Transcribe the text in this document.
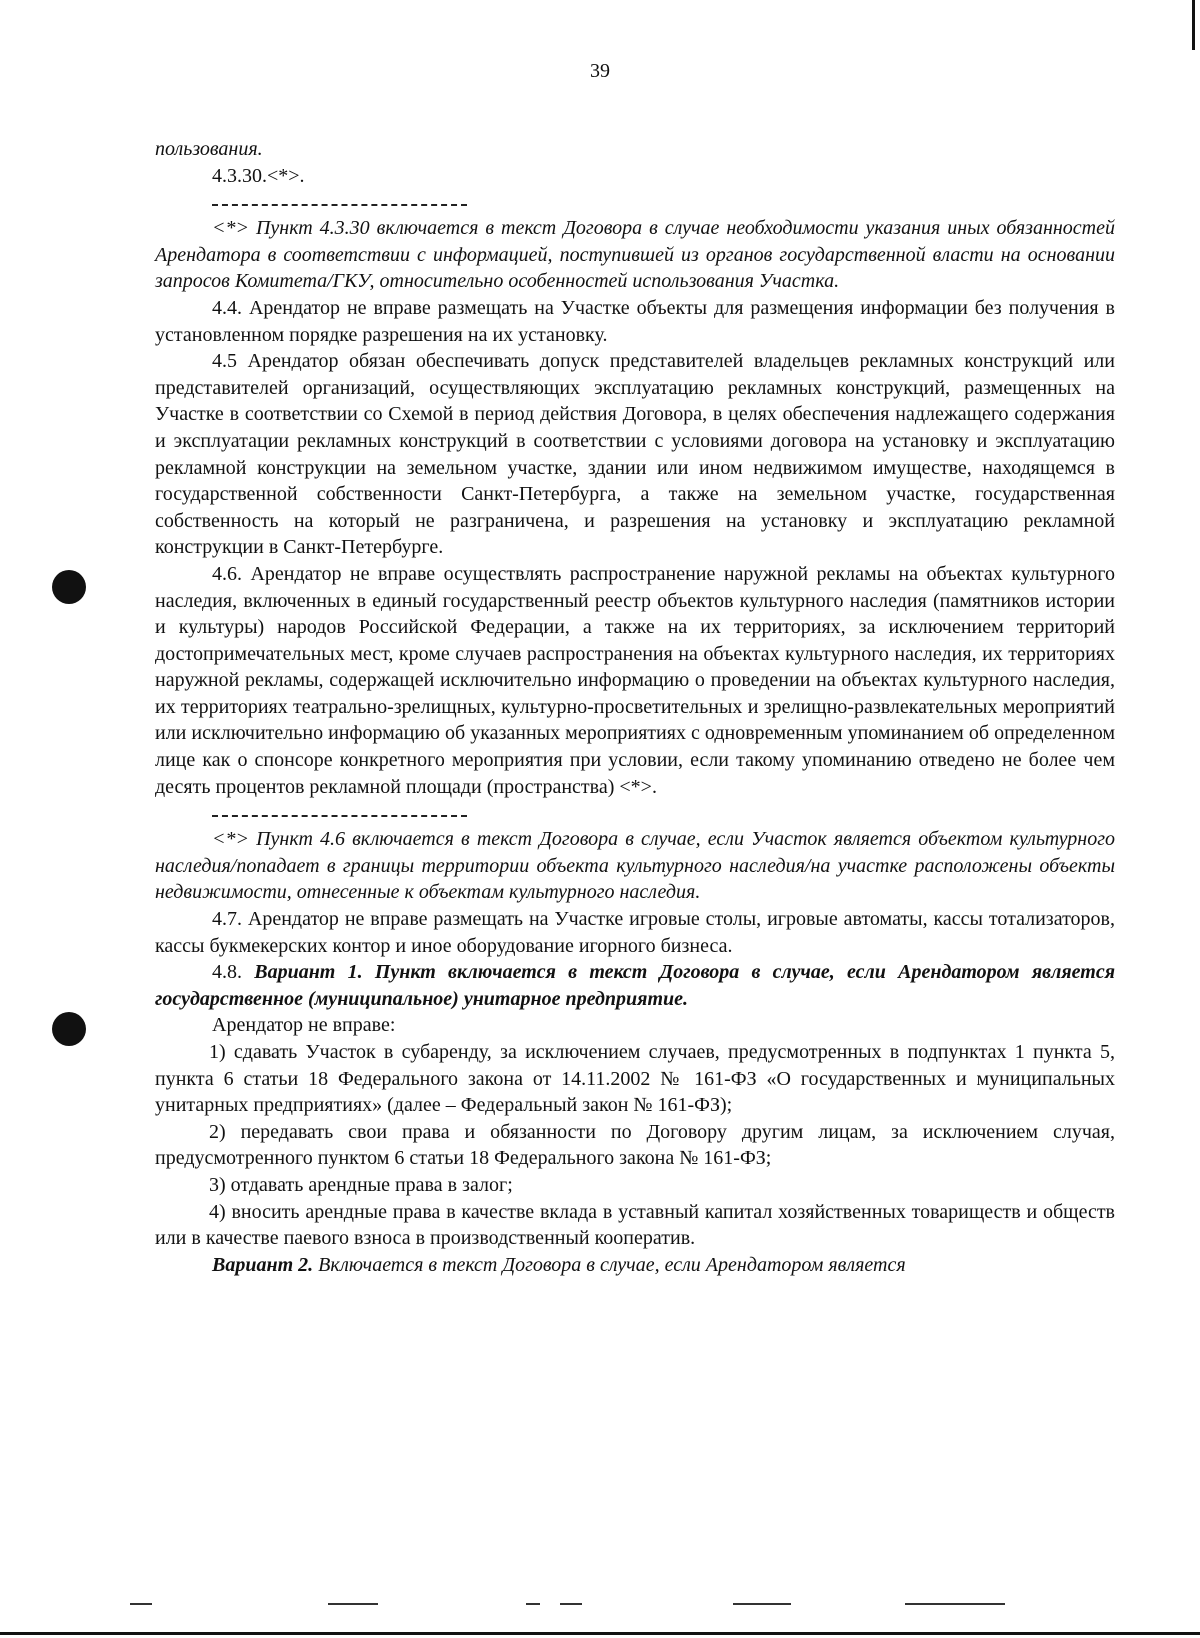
39

пользования.

4.3.30.<*>.

<*> Пункт 4.3.30 включается в текст Договора в случае необходимости указания иных обязанностей Арендатора в соответствии с информацией, поступившей из органов государственной власти на основании запросов Комитета/ГКУ, относительно особенностей использования Участка.

4.4. Арендатор не вправе размещать на Участке объекты для размещения информации без получения в установленном порядке разрешения на их установку.

4.5 Арендатор обязан обеспечивать допуск представителей владельцев рекламных конструкций или представителей организаций, осуществляющих эксплуатацию рекламных конструкций, размещенных на Участке в соответствии со Схемой в период действия Договора, в целях обеспечения надлежащего содержания и эксплуатации рекламных конструкций в соответствии с условиями договора на установку и эксплуатацию рекламной конструкции на земельном участке, здании или ином недвижимом имуществе, находящемся в государственной собственности Санкт-Петербурга, а также на земельном участке, государственная собственность на который не разграничена, и разрешения на установку и эксплуатацию рекламной конструкции в Санкт-Петербурге.

4.6. Арендатор не вправе осуществлять распространение наружной рекламы на объектах культурного наследия, включенных в единый государственный реестр объектов культурного наследия (памятников истории и культуры) народов Российской Федерации, а также на их территориях, за исключением территорий достопримечательных мест, кроме случаев распространения на объектах культурного наследия, их территориях наружной рекламы, содержащей исключительно информацию о проведении на объектах культурного наследия, их территориях театрально-зрелищных, культурно-просветительных и зрелищно-развлекательных мероприятий или исключительно информацию об указанных мероприятиях с одновременным упоминанием об определенном лице как о спонсоре конкретного мероприятия при условии, если такому упоминанию отведено не более чем десять процентов рекламной площади (пространства) <*>.

<*> Пункт 4.6 включается в текст Договора в случае, если Участок является объектом культурного наследия/попадает в границы территории объекта культурного наследия/на участке расположены объекты недвижимости, отнесенные к объектам культурного наследия.

4.7. Арендатор не вправе размещать на Участке игровые столы, игровые автоматы, кассы тотализаторов, кассы букмекерских контор и иное оборудование игорного бизнеса.

4.8. Вариант 1. Пункт включается в текст Договора в случае, если Арендатором является государственное (муниципальное) унитарное предприятие.

Арендатор не вправе:

1) сдавать Участок в субаренду, за исключением случаев, предусмотренных в подпунктах 1 пункта 5, пункта 6 статьи 18 Федерального закона от 14.11.2002 № 161-ФЗ «О государственных и муниципальных унитарных предприятиях» (далее – Федеральный закон № 161-ФЗ);

2) передавать свои права и обязанности по Договору другим лицам, за исключением случая, предусмотренного пунктом 6 статьи 18 Федерального закона № 161-ФЗ;

3) отдавать арендные права в залог;

4) вносить арендные права в качестве вклада в уставный капитал хозяйственных товариществ и обществ или в качестве паевого взноса в производственный кооператив.

Вариант 2. Включается в текст Договора в случае, если Арендатором является
